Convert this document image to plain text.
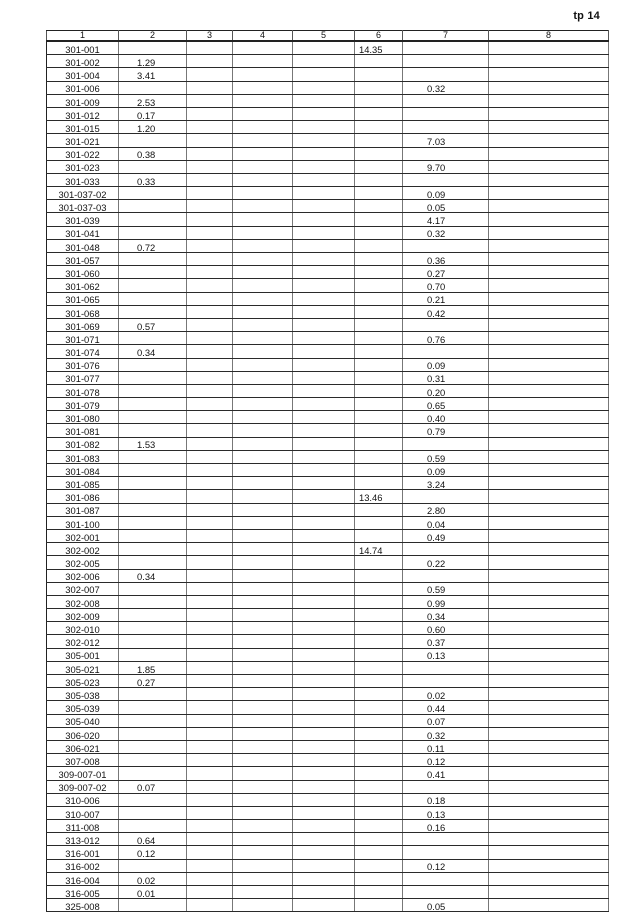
tp 14
1	2	3	4	5	6	7	8
301-001					14.35		
301-002	1.29						
301-004	3.41						
301-006						0.32	
301-009	2.53						
301-012	0.17						
301-015	1.20						
301-021						7.03	
301-022	0.38						
301-023						9.70	
301-033	0.33						
301-037-02						0.09	
301-037-03						0.05	
301-039						4.17	
301-041						0.32	
301-048	0.72						
301-057						0.36	
301-060						0.27	
301-062						0.70	
301-065						0.21	
301-068						0.42	
301-069	0.57						
301-071						0.76	
301-074	0.34						
301-076						0.09	
301-077						0.31	
301-078						0.20	
301-079						0.65	
301-080						0.40	
301-081						0.79	
301-082	1.53						
301-083						0.59	
301-084						0.09	
301-085						3.24	
301-086					13.46		
301-087						2.80	
301-100						0.04	
302-001						0.49	
302-002					14.74		
302-005						0.22	
302-006	0.34						
302-007						0.59	
302-008						0.99	
302-009						0.34	
302-010						0.60	
302-012						0.37	
305-001						0.13	
305-021	1.85						
305-023	0.27						
305-038						0.02	
305-039						0.44	
305-040						0.07	
306-020						0.32	
306-021						0.11	
307-008						0.12	
309-007-01						0.41	
309-007-02	0.07						
310-006						0.18	
310-007						0.13	
311-008						0.16	
313-012	0.64						
316-001	0.12						
316-002						0.12	
316-004	0.02						
316-005	0.01						
325-008						0.05	
